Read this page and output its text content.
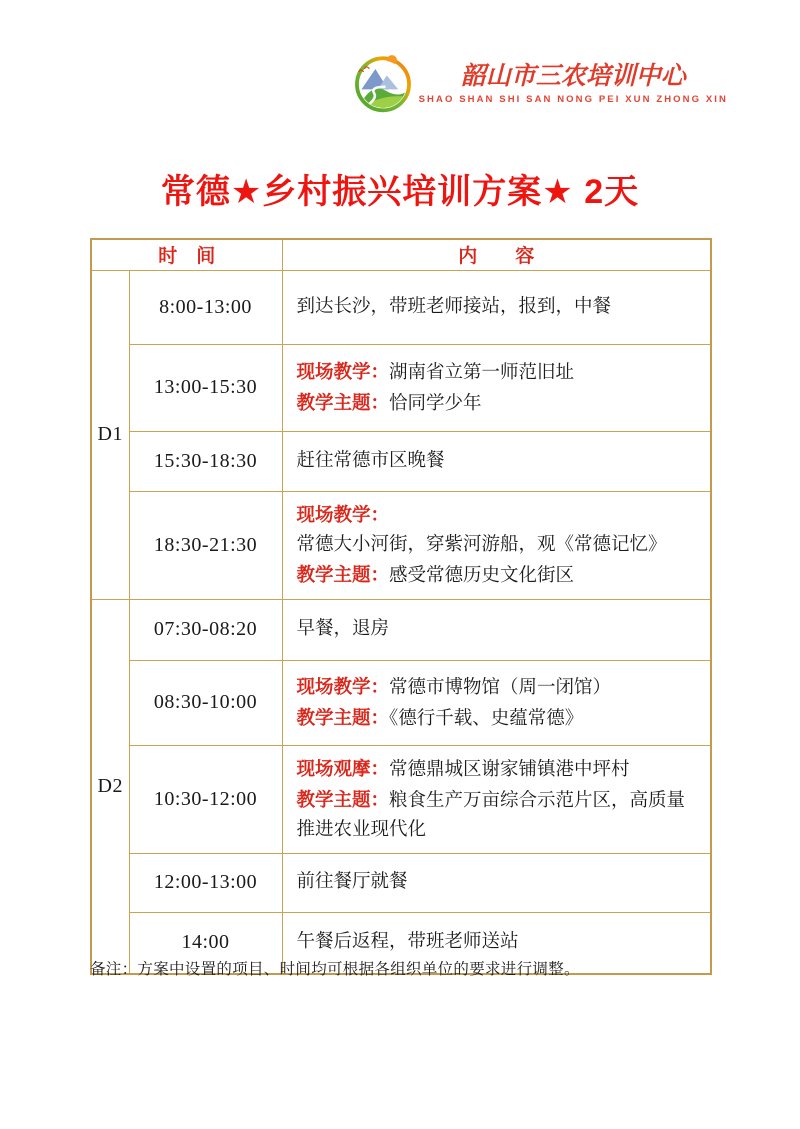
韶山市三农培训中心
SHAO SHAN SHI SAN NONG PEI XUN ZHONG XIN
常德★乡村振兴培训方案★ 2天
时　间		内　　容
D1	8:00-13:00	到达长沙，带班老师接站，报到，中餐

	13:00-15:30	现场教学：湖南省立第一师范旧址
教学主题：恰同学少年

	15:30-18:30	赶往常德市区晚餐

	18:30-21:30	现场教学：
常德大小河街，穿紫河游船，观《常德记忆》
教学主题：感受常德历史文化街区

D2	07:30-08:20	早餐，退房

	08:30-10:00	现场教学：常德市博物馆（周一闭馆）
教学主题：《德行千载、史蕴常德》

	10:30-12:00	现场观摩：常德鼎城区谢家铺镇港中坪村
教学主题：粮食生产万亩综合示范片区，高质量推进农业现代化

	12:00-13:00	前往餐厅就餐

	14:00	午餐后返程，带班老师送站
备注：方案中设置的项目、时间均可根据各组织单位的要求进行调整。
